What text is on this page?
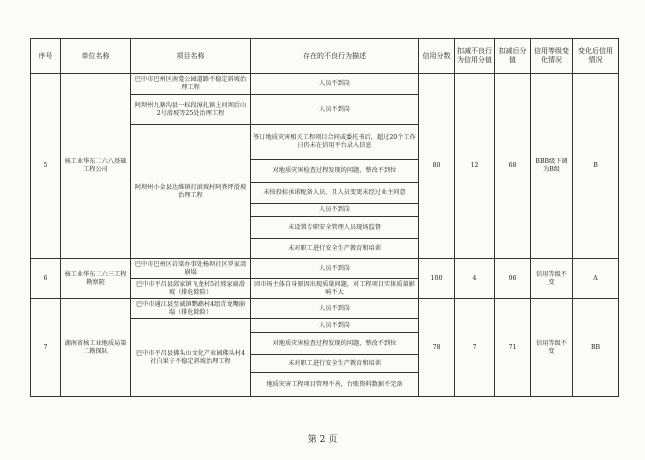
序号	单位名称	项目名称	存在的不良行为描述	信用分数	扣减不良行为信用分值	扣减后分值	信用等级变化情况	变化后信用情况
5	核工业华东二六八基础工程公司	巴中市巴州区南龛公园道路不稳定斜坡治理工程	人员不到岗	80	12	68	BBB级下调为B级	B
		阿坝州九寨沟县一标段漳扎镇上河坝后山2号滑坡等25处治理工程	人员不到岗					
		阿坝州小金县达维镇打滚坡村阿粪坪滑坡治理工程	签订地质灾害相关工程项目合同或委托书后，超过20个工作日仍未在信用平台录入信息					
			对地质灾害检查过程发现的问题，整改不到位					
			未按投标承诺配备人员、且人员变更未经过业主同意					
			人员不到岗					
			未设置专职安全管理人员现场监督					
			未对职工进行安全生产教育和培训					
6	核工业华东二六三工程勘察院	巴中市巴州区岩梁办事处杨坝社区罗家湾崩塌	人员不到岗	100	4	96	信用等级不变	A
		巴中市平昌县邱家镇飞龙村5社邢家扁滑坡（排危除险）	因市场主体自身原因出现质量问题，对工程项目实体质量影响不大					
7	湖南省核工业地质局第二勘探队	巴中市通江县至诚镇鹦鹉村4组青龙嘴崩塌（排危除险）	人员不到岗	78	7	71	信用等级不变	BB
		巴中市平昌县佛头山文化产业园佛头村4社白果子不稳定斜坡治理工程	人员不到岗					
			对地质灾害检查过程发现的问题，整改不到位					
			未对职工进行安全生产教育和培训					
			地质灾害工程项目管理不善，台账资料数据不完备					
第 2 页
